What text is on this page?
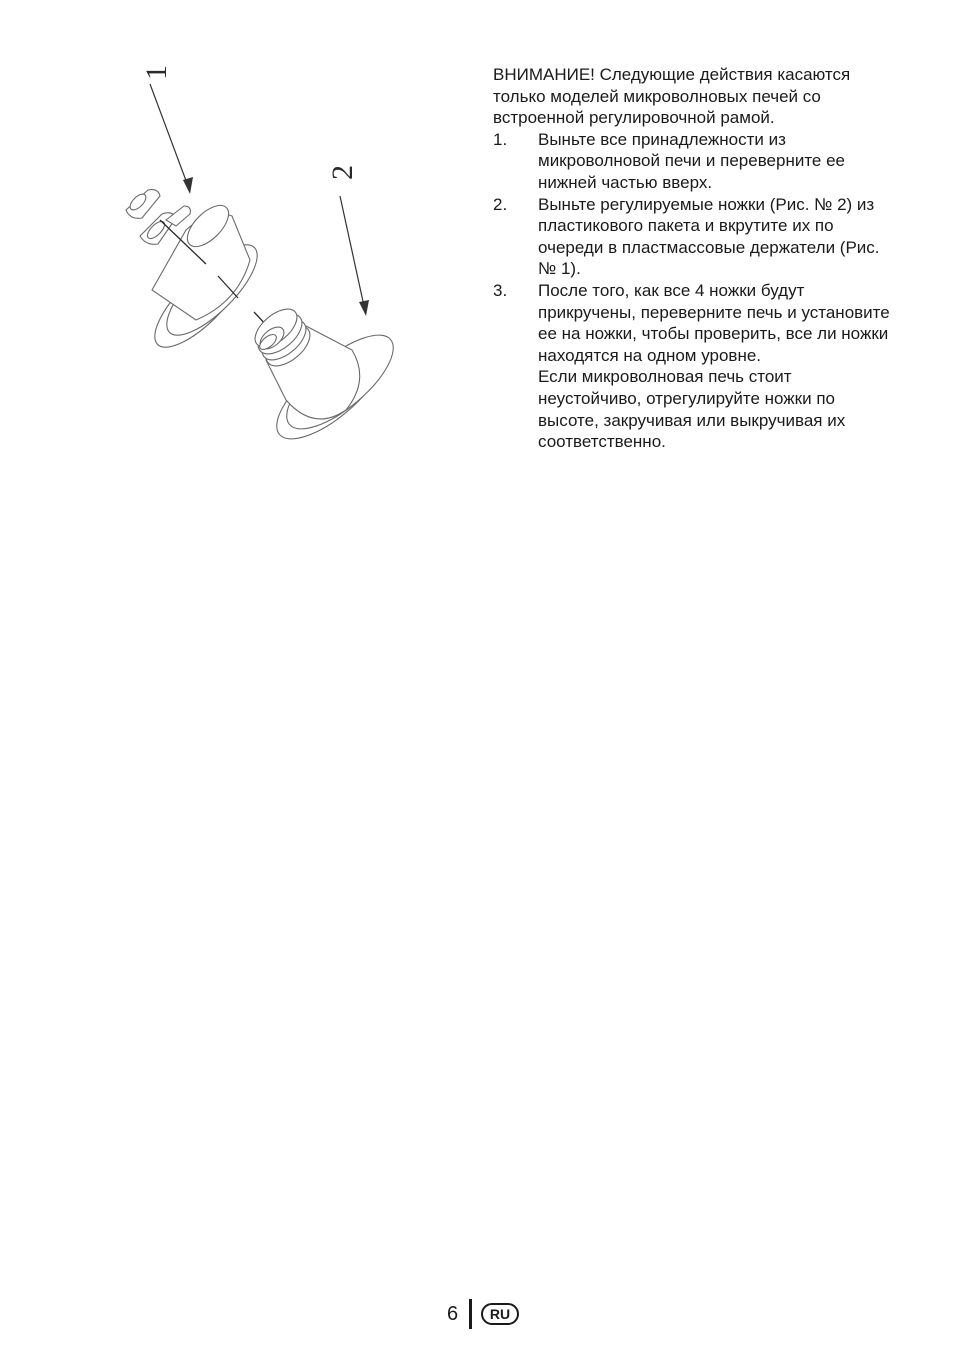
1
2

ВНИМАНИЕ! Следующие действия касаются только моделей микроволновых печей со встроенной регулировочной рамой.

1.	Выньте все принадлежности из микроволновой печи и переверните ее нижней частью вверх.
2.	Выньте регулируемые ножки (Рис. № 2) из пластикового пакета и вкрутите их по очереди в пластмассовые держатели (Рис. № 1).
3.	После того, как все 4 ножки будут прикручены, переверните печь и установите ее на ножки, чтобы проверить, все ли ножки находятся на одном уровне.
Если микроволновая печь стоит неустойчиво, отрегулируйте ножки по высоте, закручивая или выкручивая их соответственно.
6	RU
